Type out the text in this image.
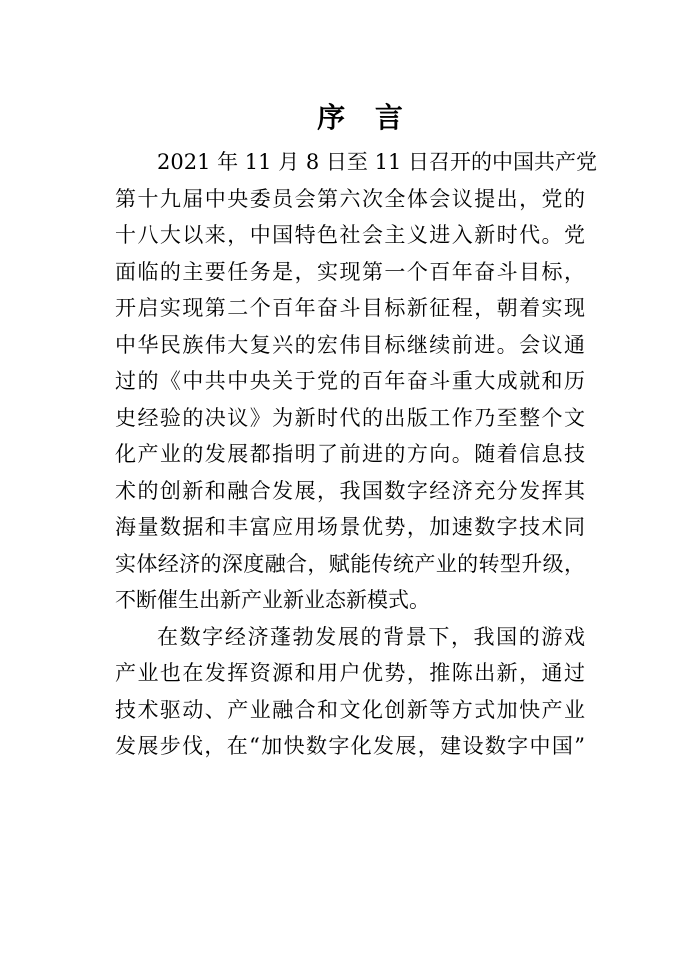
序 言
2021 年 11 月 8 日至 11 日召开的中国共产党
第十九届中央委员会第六次全体会议提出，党的
十八大以来，中国特色社会主义进入新时代。党
面临的主要任务是，实现第一个百年奋斗目标，
开启实现第二个百年奋斗目标新征程，朝着实现
中华民族伟大复兴的宏伟目标继续前进。会议通
过的《中共中央关于党的百年奋斗重大成就和历
史经验的决议》为新时代的出版工作乃至整个文
化产业的发展都指明了前进的方向。随着信息技
术的创新和融合发展，我国数字经济充分发挥其
海量数据和丰富应用场景优势，加速数字技术同
实体经济的深度融合，赋能传统产业的转型升级，
不断催生出新产业新业态新模式。
在数字经济蓬勃发展的背景下，我国的游戏
产业也在发挥资源和用户优势，推陈出新，通过
技术驱动、产业融合和文化创新等方式加快产业
发展步伐，在“加快数字化发展，建设数字中国”
